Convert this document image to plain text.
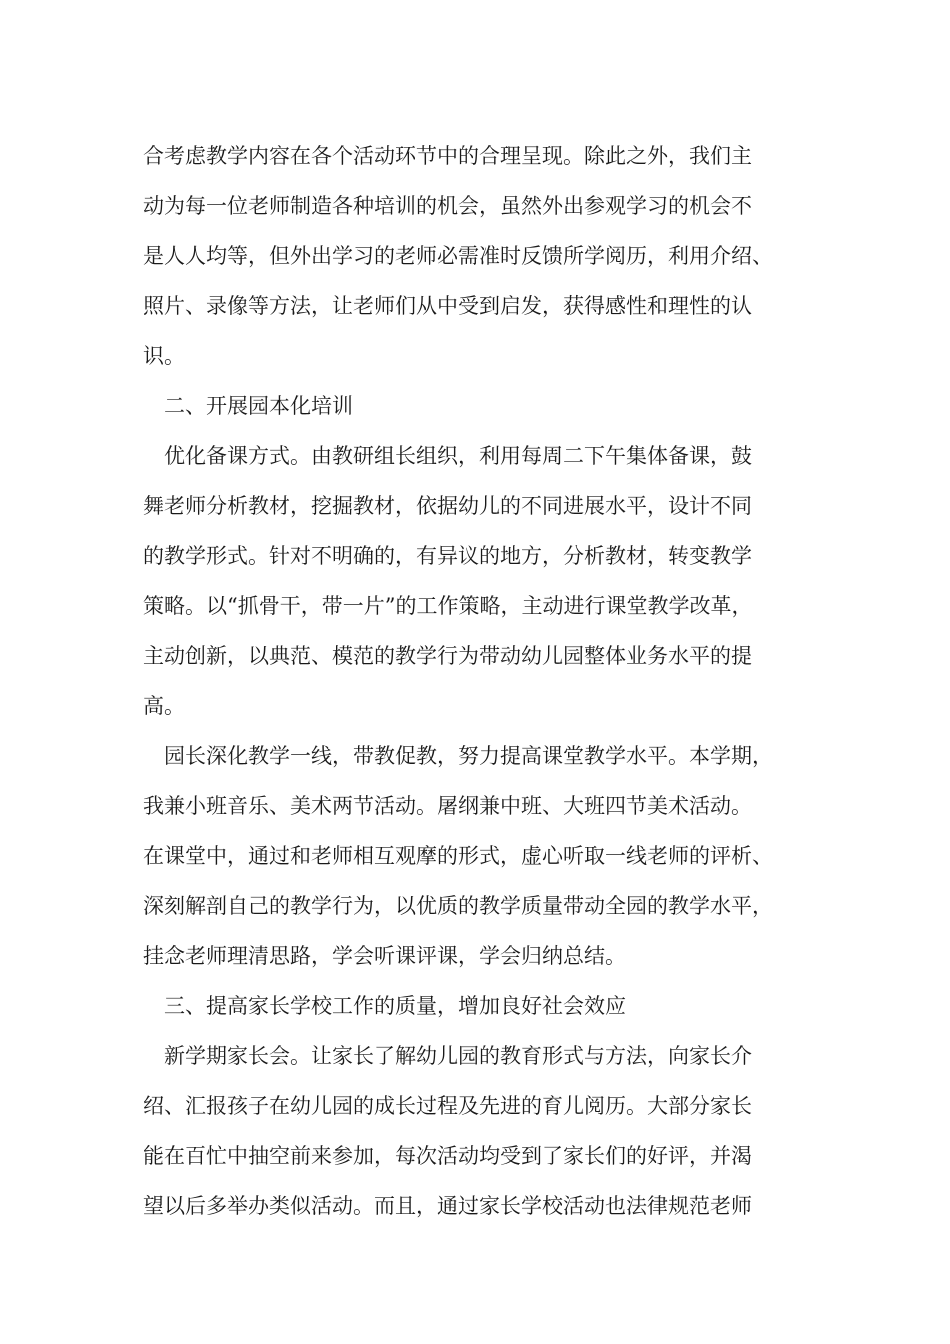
合考虑教学内容在各个活动环节中的合理呈现。除此之外，我们主
动为每一位老师制造各种培训的机会，虽然外出参观学习的机会不
是人人均等，但外出学习的老师必需准时反馈所学阅历，利用介绍、
照片、录像等方法，让老师们从中受到启发，获得感性和理性的认
识。
二、开展园本化培训
优化备课方式。由教研组长组织，利用每周二下午集体备课，鼓
舞老师分析教材，挖掘教材，依据幼儿的不同进展水平，设计不同
的教学形式。针对不明确的，有异议的地方，分析教材，转变教学
策略。以“抓骨干，带一片”的工作策略，主动进行课堂教学改革，
主动创新，以典范、模范的教学行为带动幼儿园整体业务水平的提
高。
园长深化教学一线，带教促教，努力提高课堂教学水平。本学期，
我兼小班音乐、美术两节活动。屠纲兼中班、大班四节美术活动。
在课堂中，通过和老师相互观摩的形式，虚心听取一线老师的评析、
深刻解剖自己的教学行为，以优质的教学质量带动全园的教学水平，
挂念老师理清思路，学会听课评课，学会归纳总结。
三、提高家长学校工作的质量，增加良好社会效应
新学期家长会。让家长了解幼儿园的教育形式与方法，向家长介
绍、汇报孩子在幼儿园的成长过程及先进的育儿阅历。大部分家长
能在百忙中抽空前来参加，每次活动均受到了家长们的好评，并渴
望以后多举办类似活动。而且，通过家长学校活动也法律规范老师
